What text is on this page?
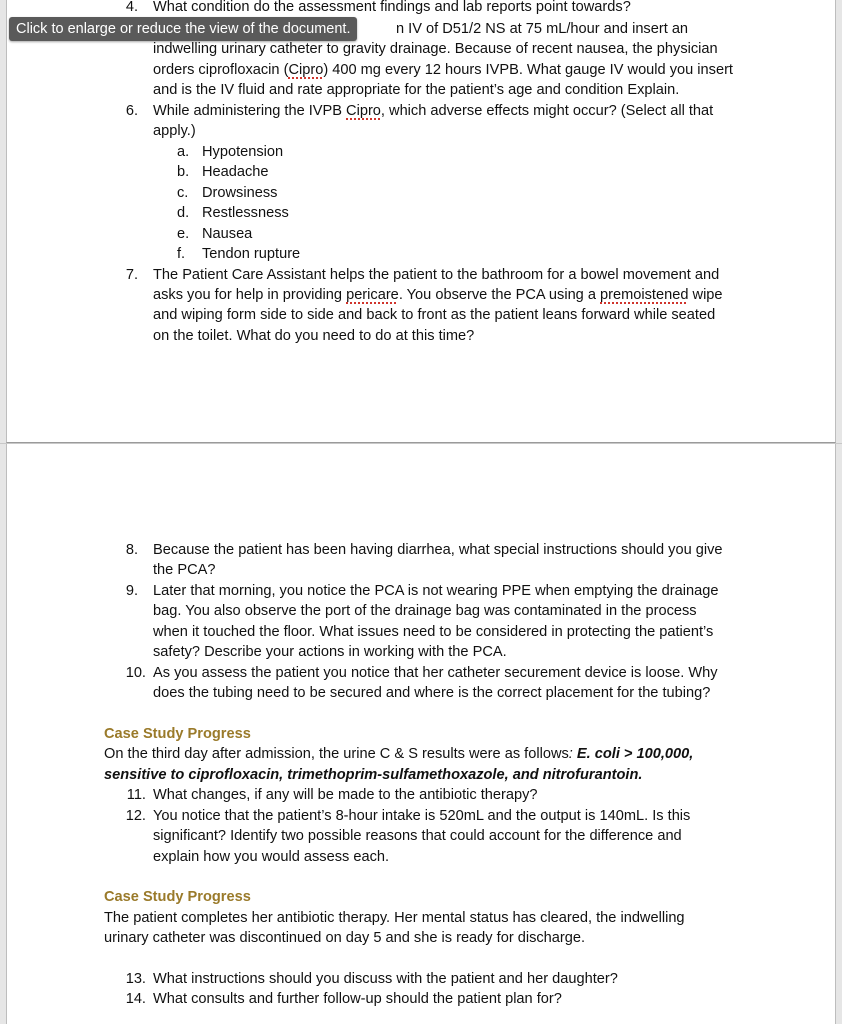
Click to enlarge or reduce the view of the document.
4. What condition do the assessment findings and lab reports point towards?
n IV of D51/2 NS at 75 mL/hour and insert an
indwelling urinary catheter to gravity drainage. Because of recent nausea, the physician
orders ciprofloxacin (Cipro) 400 mg every 12 hours IVPB. What gauge IV would you insert
and is the IV fluid and rate appropriate for the patient’s age and condition Explain.
6. While administering the IVPB Cipro, which adverse effects might occur? (Select all that
apply.)
a. Hypotension
b. Headache
c. Drowsiness
d. Restlessness
e. Nausea
f. Tendon rupture
7. The Patient Care Assistant helps the patient to the bathroom for a bowel movement and
asks you for help in providing pericare. You observe the PCA using a premoistened wipe
and wiping form side to side and back to front as the patient leans forward while seated
on the toilet. What do you need to do at this time?
8. Because the patient has been having diarrhea, what special instructions should you give
the PCA?
9. Later that morning, you notice the PCA is not wearing PPE when emptying the drainage
bag. You also observe the port of the drainage bag was contaminated in the process
when it touched the floor. What issues need to be considered in protecting the patient’s
safety? Describe your actions in working with the PCA.
10. As you assess the patient you notice that her catheter securement device is loose. Why
does the tubing need to be secured and where is the correct placement for the tubing?
Case Study Progress
On the third day after admission, the urine C & S results were as follows: E. coli > 100,000,
sensitive to ciprofloxacin, trimethoprim-sulfamethoxazole, and nitrofurantoin.
11. What changes, if any will be made to the antibiotic therapy?
12. You notice that the patient’s 8-hour intake is 520mL and the output is 140mL. Is this
significant? Identify two possible reasons that could account for the difference and
explain how you would assess each.
Case Study Progress
The patient completes her antibiotic therapy. Her mental status has cleared, the indwelling
urinary catheter was discontinued on day 5 and she is ready for discharge.
13. What instructions should you discuss with the patient and her daughter?
14. What consults and further follow-up should the patient plan for?
